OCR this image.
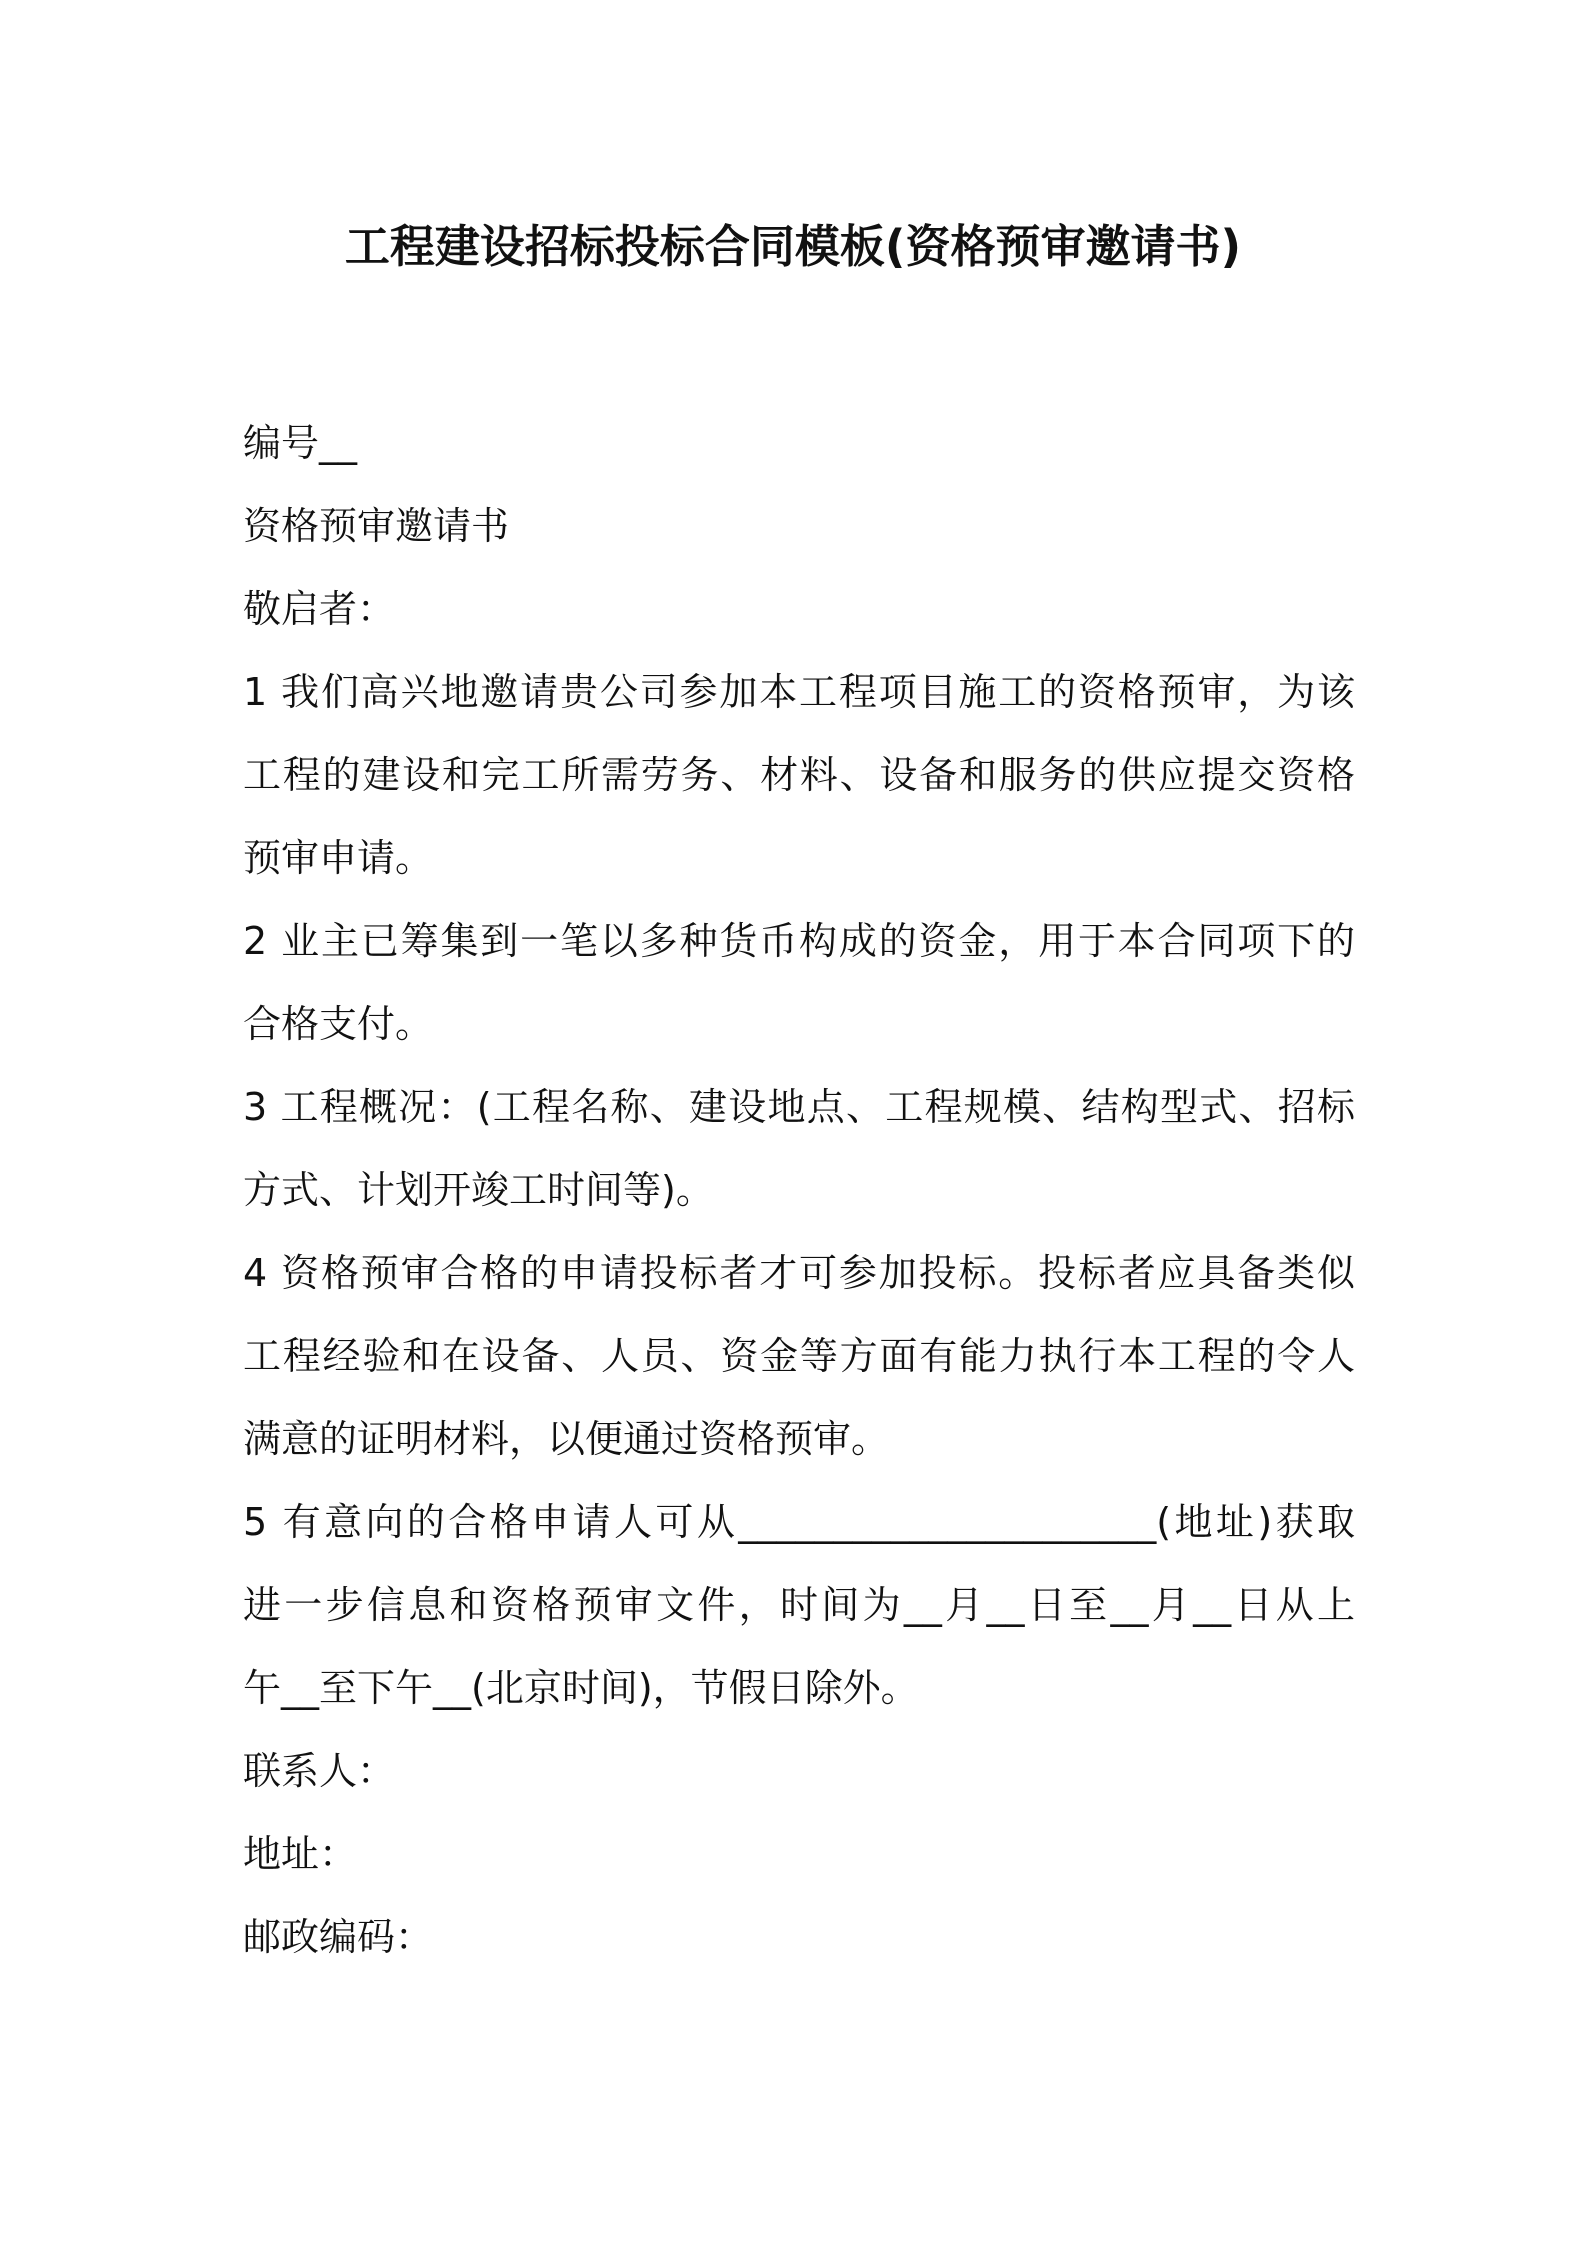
工程建设招标投标合同模板(资格预审邀请书)
编号__
资格预审邀请书
敬启者：
1 我们高兴地邀请贵公司参加本工程项目施工的资格预审，为该
工程的建设和完工所需劳务、材料、设备和服务的供应提交资格
预审申请。
2 业主已筹集到一笔以多种货币构成的资金，用于本合同项下的
合格支付。
3 工程概况：(工程名称、建设地点、工程规模、结构型式、招标
方式、计划开竣工时间等)。
4 资格预审合格的申请投标者才可参加投标。投标者应具备类似
工程经验和在设备、人员、资金等方面有能力执行本工程的令人
满意的证明材料，以便通过资格预审。
5 有意向的合格申请人可从______________________(地址)获取
进一步信息和资格预审文件，时间为__月__日至__月__日从上
午__至下午__(北京时间)，节假日除外。
联系人：
地址：
邮政编码：
